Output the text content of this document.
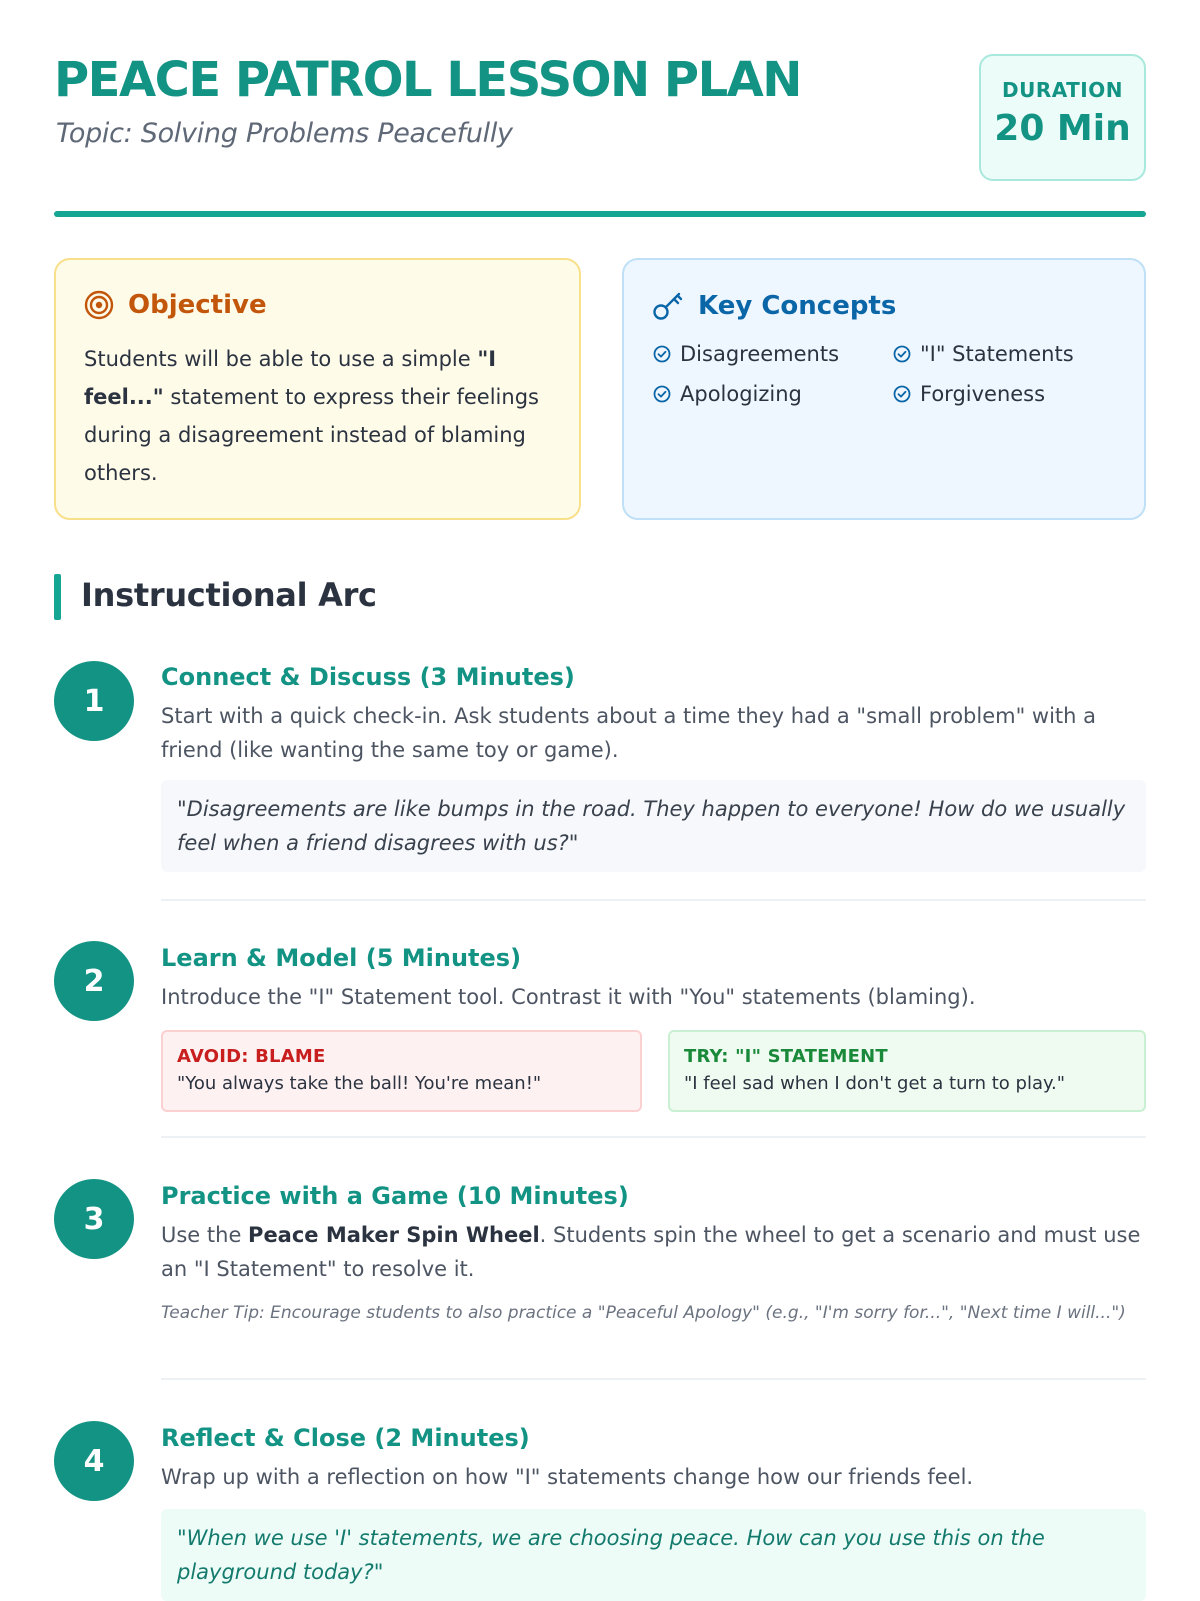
PEACE PATROL LESSON PLAN
Topic: Solving Problems Peacefully
DURATION
20 Min
Objective

Students will be able to use a simple "I feel..." statement to express their feelings during a disagreement instead of blaming others.

Key Concepts
Disagreements	"I" Statements
Apologizing	Forgiveness
Instructional Arc
1
Connect & Discuss (3 Minutes)

Start with a quick check-in. Ask students about a time they had a "small problem" with a friend (like wanting the same toy or game).

"Disagreements are like bumps in the road. They happen to everyone! How do we usually feel when a friend disagrees with us?"
2
Learn & Model (5 Minutes)

Introduce the "I" Statement tool. Contrast it with "You" statements (blaming).

AVOID: BLAME
"You always take the ball! You're mean!"
TRY: "I" STATEMENT
"I feel sad when I don't get a turn to play."
3
Practice with a Game (10 Minutes)

Use the Peace Maker Spin Wheel. Students spin the wheel to get a scenario and must use an "I Statement" to resolve it.

Teacher Tip: Encourage students to also practice a "Peaceful Apology" (e.g., "I'm sorry for...", "Next time I will...")

4
Reflect & Close (2 Minutes)

Wrap up with a reflection on how "I" statements change how our friends feel.

"When we use 'I' statements, we are choosing peace. How can you use this on the playground today?"
